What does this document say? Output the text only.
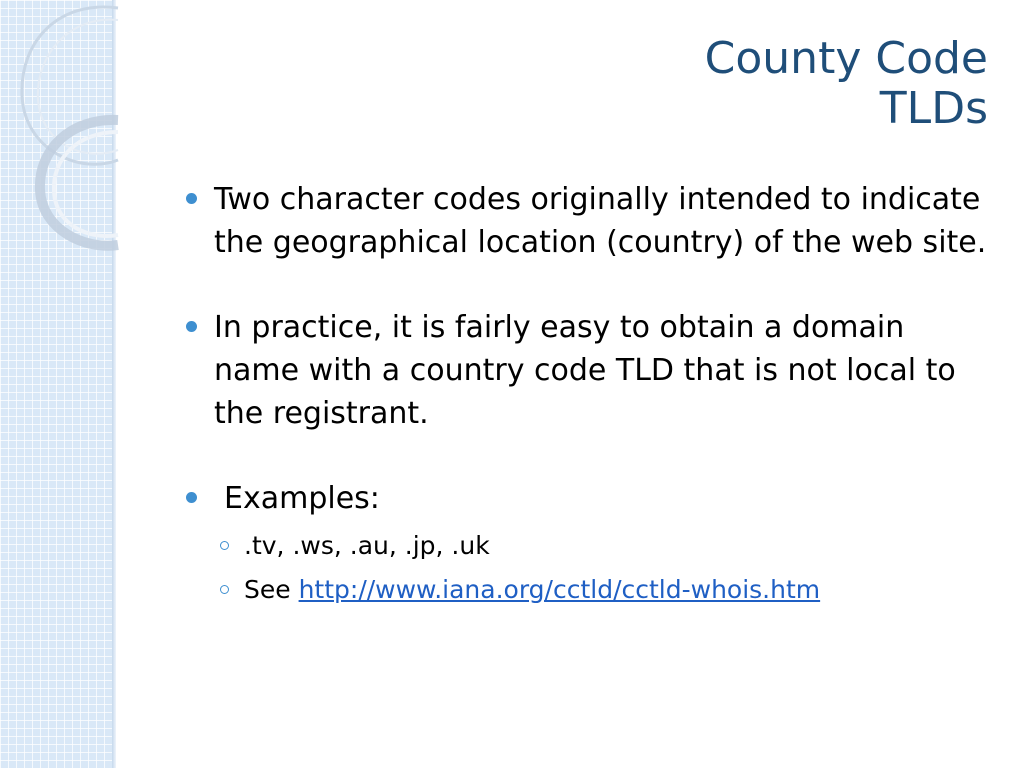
County Code
TLDs
Two character codes originally intended to indicate the geographical location (country) of the web site.
In practice, it is fairly easy to obtain a domain name with a country code TLD that is not local to the registrant.
Examples:
.tv, .ws, .au, .jp, .uk
See http://www.iana.org/cctld/cctld-whois.htm
